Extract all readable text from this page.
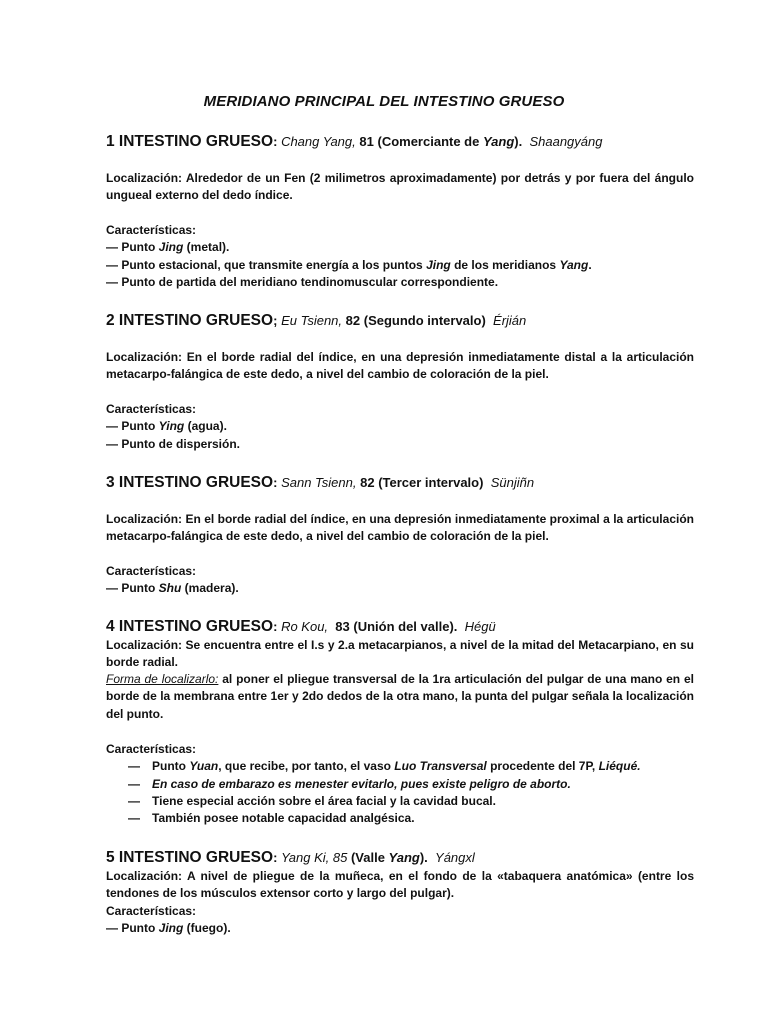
MERIDIANO PRINCIPAL DEL INTESTINO GRUESO
1 INTESTINO GRUESO: Chang Yang, 81 (Comerciante de Yang). Shaangyáng
Localización: Alrededor de un Fen (2 milimetros aproximadamente) por detrás y por fuera del ángulo ungueal externo del dedo índice.
Características:
— Punto Jing (metal).
— Punto estacional, que transmite energía a los puntos Jing de los meridianos Yang.
— Punto de partida del meridiano tendinomuscular correspondiente.
2 INTESTINO GRUESO; Eu Tsienn, 82 (Segundo intervalo) Érjián
Localización: En el borde radial del índice, en una depresión inmediatamente distal a la articulación metacarpo-falángica de este dedo, a nivel del cambio de coloración de la piel.
Características:
— Punto Ying (agua).
— Punto de dispersión.
3 INTESTINO GRUESO: Sann Tsienn, 82 (Tercer intervalo) Sünjiñn
Localización: En el borde radial del índice, en una depresión inmediatamente proximal a la articulación metacarpo-falángica de este dedo, a nivel del cambio de coloración de la piel.
Características:
— Punto Shu (madera).
4 INTESTINO GRUESO: Ro Kou, 83 (Unión del valle). Hégü
Localización: Se encuentra entre el I.s y 2.a metacarpianos, a nivel de la mitad del Metacarpiano, en su borde radial.
Forma de localizarlo: al poner el pliegue transversal de la 1ra articulación del pulgar de una mano en el borde de la membrana entre 1er y 2do dedos de la otra mano, la punta del pulgar señala la localización del punto.
Características:
— Punto Yuan, que recibe, por tanto, el vaso Luo Transversal procedente del 7P, Liéqué.
— En caso de embarazo es menester evitarlo, pues existe peligro de aborto.
— Tiene especial acción sobre el área facial y la cavidad bucal.
— También posee notable capacidad analgésica.
5 INTESTINO GRUESO: Yang Ki, 85 (Valle Yang). Yángxl
Localización: A nivel de pliegue de la muñeca, en el fondo de la «tabaquera anatómica» (entre los tendones de los músculos extensor corto y largo del pulgar).
Características:
— Punto Jing (fuego).
